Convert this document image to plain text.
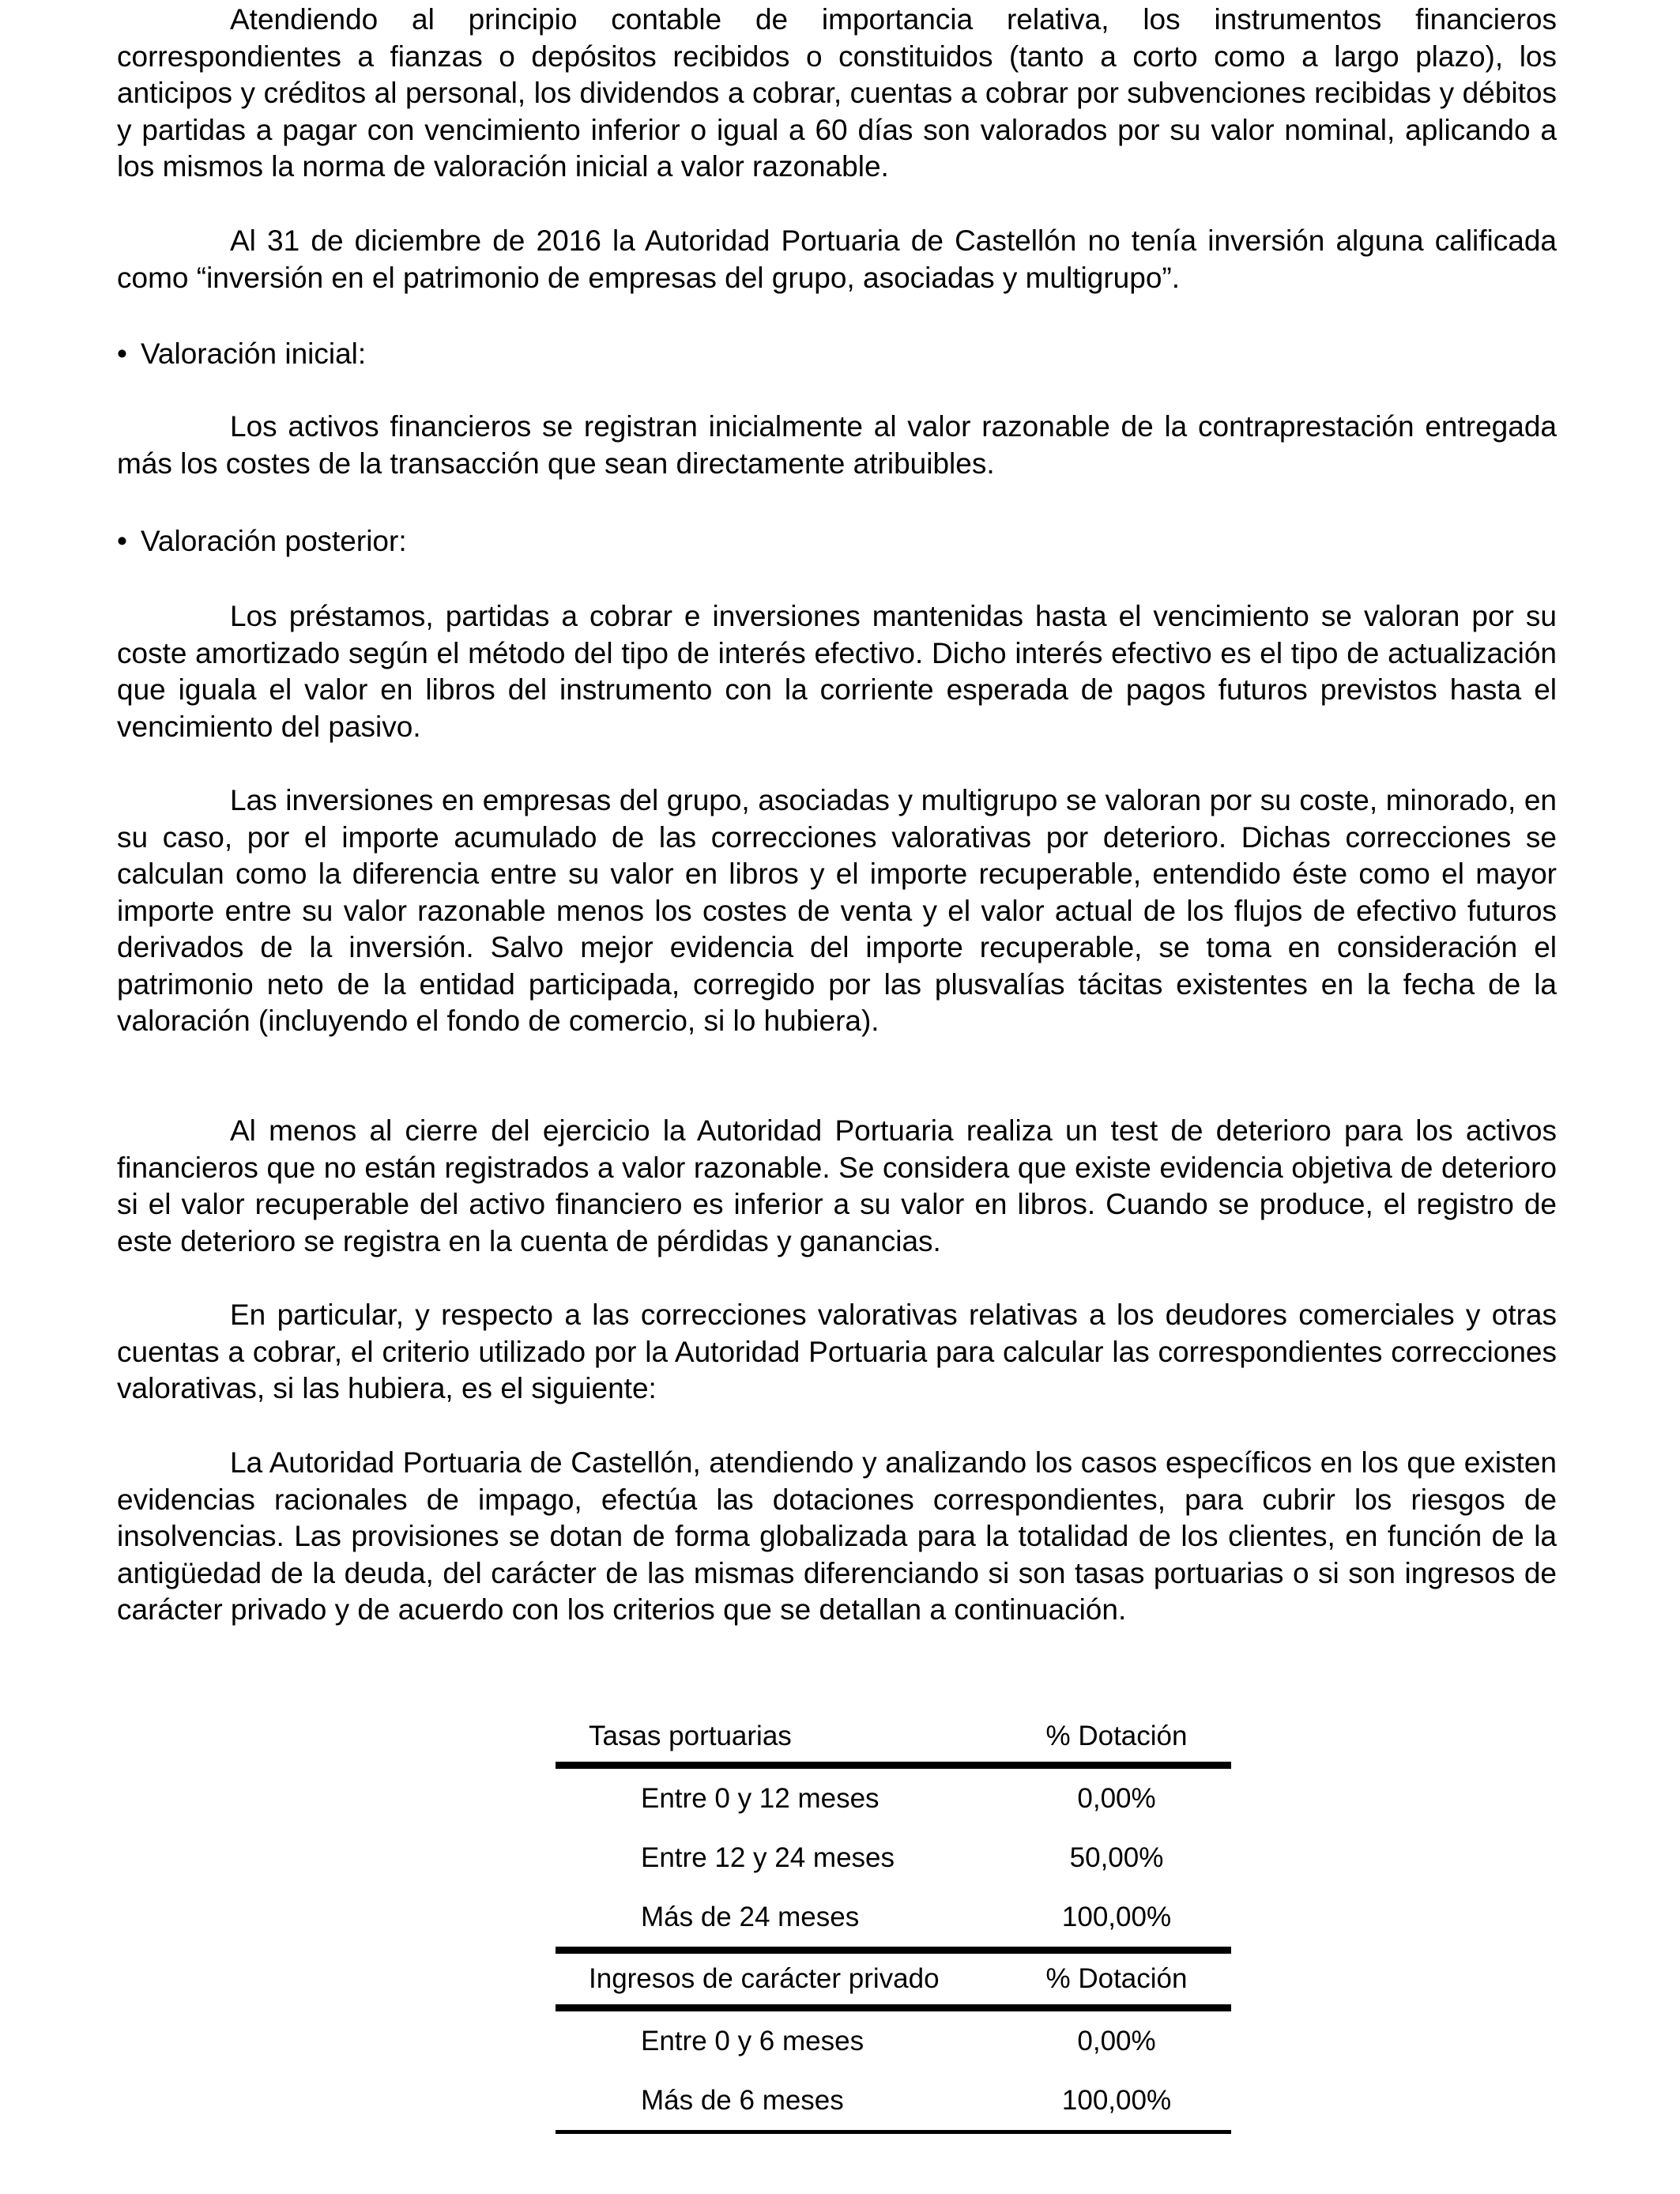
Atendiendo al principio contable de importancia relativa, los instrumentos financieros correspondientes a fianzas o depósitos recibidos o constituidos (tanto a corto como a largo plazo), los anticipos y créditos al personal, los dividendos a cobrar, cuentas a cobrar por subvenciones recibidas y débitos y partidas a pagar con vencimiento inferior o igual a 60 días son valorados por su valor nominal, aplicando a los mismos la norma de valoración inicial a valor razonable.

Al 31 de diciembre de 2016 la Autoridad Portuaria de Castellón no tenía inversión alguna calificada como “inversión en el patrimonio de empresas del grupo, asociadas y multigrupo”.

• Valoración inicial:

Los activos financieros se registran inicialmente al valor razonable de la contraprestación entregada más los costes de la transacción que sean directamente atribuibles.

• Valoración posterior:

Los préstamos, partidas a cobrar e inversiones mantenidas hasta el vencimiento se valoran por su coste amortizado según el método del tipo de interés efectivo. Dicho interés efectivo es el tipo de actualización que iguala el valor en libros del instrumento con la corriente esperada de pagos futuros previstos hasta el vencimiento del pasivo.

Las inversiones en empresas del grupo, asociadas y multigrupo se valoran por su coste, minorado, en su caso, por el importe acumulado de las correcciones valorativas por deterioro. Dichas correcciones se calculan como la diferencia entre su valor en libros y el importe recuperable, entendido éste como el mayor importe entre su valor razonable menos los costes de venta y el valor actual de los flujos de efectivo futuros derivados de la inversión. Salvo mejor evidencia del importe recuperable, se toma en consideración el patrimonio neto de la entidad participada, corregido por las plusvalías tácitas existentes en la fecha de la valoración (incluyendo el fondo de comercio, si lo hubiera).

Al menos al cierre del ejercicio la Autoridad Portuaria realiza un test de deterioro para los activos financieros que no están registrados a valor razonable. Se considera que existe evidencia objetiva de deterioro si el valor recuperable del activo financiero es inferior a su valor en libros. Cuando se produce, el registro de este deterioro se registra en la cuenta de pérdidas y ganancias.

En particular, y respecto a las correcciones valorativas relativas a los deudores comerciales y otras cuentas a cobrar, el criterio utilizado por la Autoridad Portuaria para calcular las correspondientes correcciones valorativas, si las hubiera, es el siguiente:

La Autoridad Portuaria de Castellón, atendiendo y analizando los casos específicos en los que existen evidencias racionales de impago, efectúa las dotaciones correspondientes, para cubrir los riesgos de insolvencias. Las provisiones se dotan de forma globalizada para la totalidad de los clientes, en función de la antigüedad de la deuda, del carácter de las mismas diferenciando si son tasas portuarias o si son ingresos de carácter privado y de acuerdo con los criterios que se detallan a continuación.

Tasas portuarias	% Dotación
Entre 0 y 12 meses	0,00%
Entre 12 y 24 meses	50,00%
Más de 24 meses	100,00%
Ingresos de carácter privado	% Dotación
Entre 0 y 6 meses	0,00%
Más de 6 meses	100,00%
